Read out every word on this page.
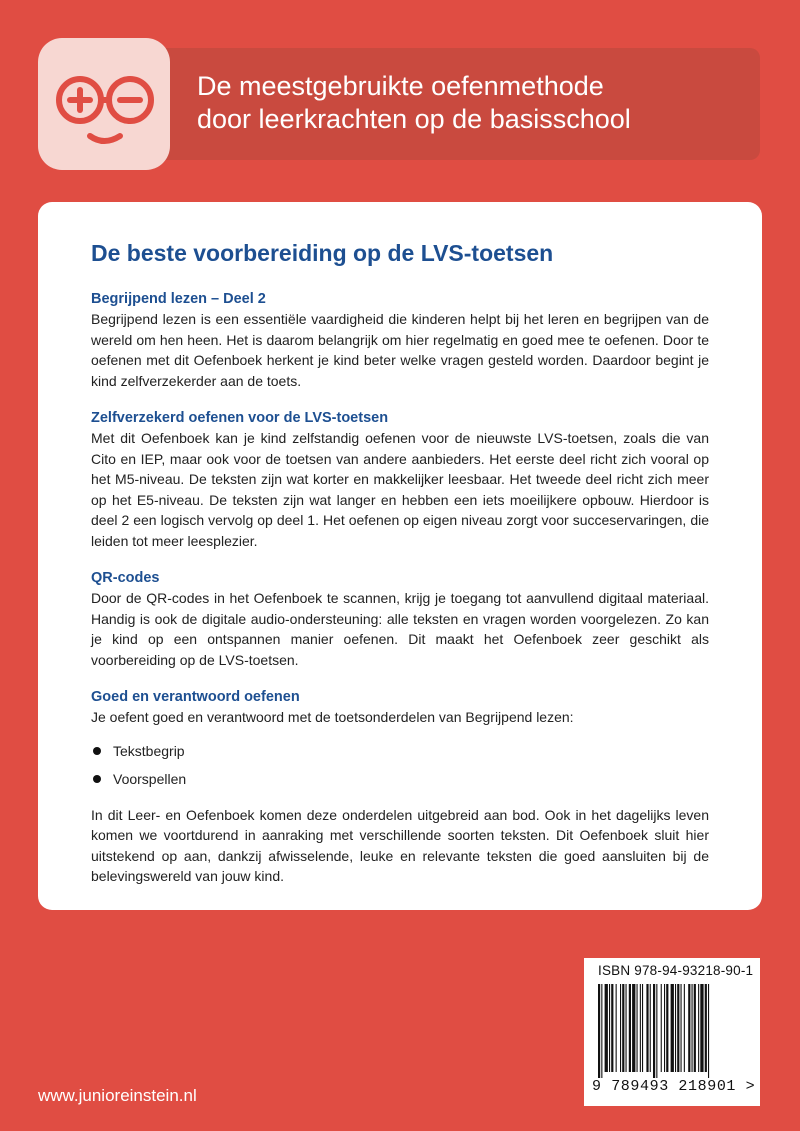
De meestgebruikte oefenmethode
door leerkrachten op de basisschool
De beste voorbereiding op de LVS-toetsen
Begrijpend lezen – Deel 2

Begrijpend lezen is een essentiële vaardigheid die kinderen helpt bij het leren en begrijpen van de wereld om hen heen. Het is daarom belangrijk om hier regelmatig en goed mee te oefenen. Door te oefenen met dit Oefenboek herkent je kind beter welke vragen gesteld worden. Daardoor begint je kind zelfverzekerder aan de toets.

Zelfverzekerd oefenen voor de LVS-toetsen

Met dit Oefenboek kan je kind zelfstandig oefenen voor de nieuwste LVS-toetsen, zoals die van Cito en IEP, maar ook voor de toetsen van andere aanbieders. Het eerste deel richt zich vooral op het M5-niveau. De teksten zijn wat korter en makkelijker leesbaar. Het tweede deel richt zich meer op het E5-niveau. De teksten zijn wat langer en hebben een iets moeilijkere opbouw. Hierdoor is deel 2 een logisch vervolg op deel 1. Het oefenen op eigen niveau zorgt voor succeservaringen, die leiden tot meer leesplezier.

QR-codes

Door de QR-codes in het Oefenboek te scannen, krijg je toegang tot aanvullend digitaal materiaal. Handig is ook de digitale audio-ondersteuning: alle teksten en vragen worden voorgelezen. Zo kan je kind op een ontspannen manier oefenen. Dit maakt het Oefenboek zeer geschikt als voorbereiding op de LVS-toetsen.

Goed en verantwoord oefenen

Je oefent goed en verantwoord met de toetsonderdelen van Begrijpend lezen:

Tekstbegrip
Voorspellen

In dit Leer- en Oefenboek komen deze onderdelen uitgebreid aan bod. Ook in het dagelijks leven komen we voortdurend in aanraking met verschillende soorten teksten. Dit Oefenboek sluit hier uitstekend op aan, dankzij afwisselende, leuke en relevante teksten die goed aansluiten bij de belevingswereld van jouw kind.

www.junioreinstein.nl
ISBN 978-94-93218-90-1
9 789493 218901 >
